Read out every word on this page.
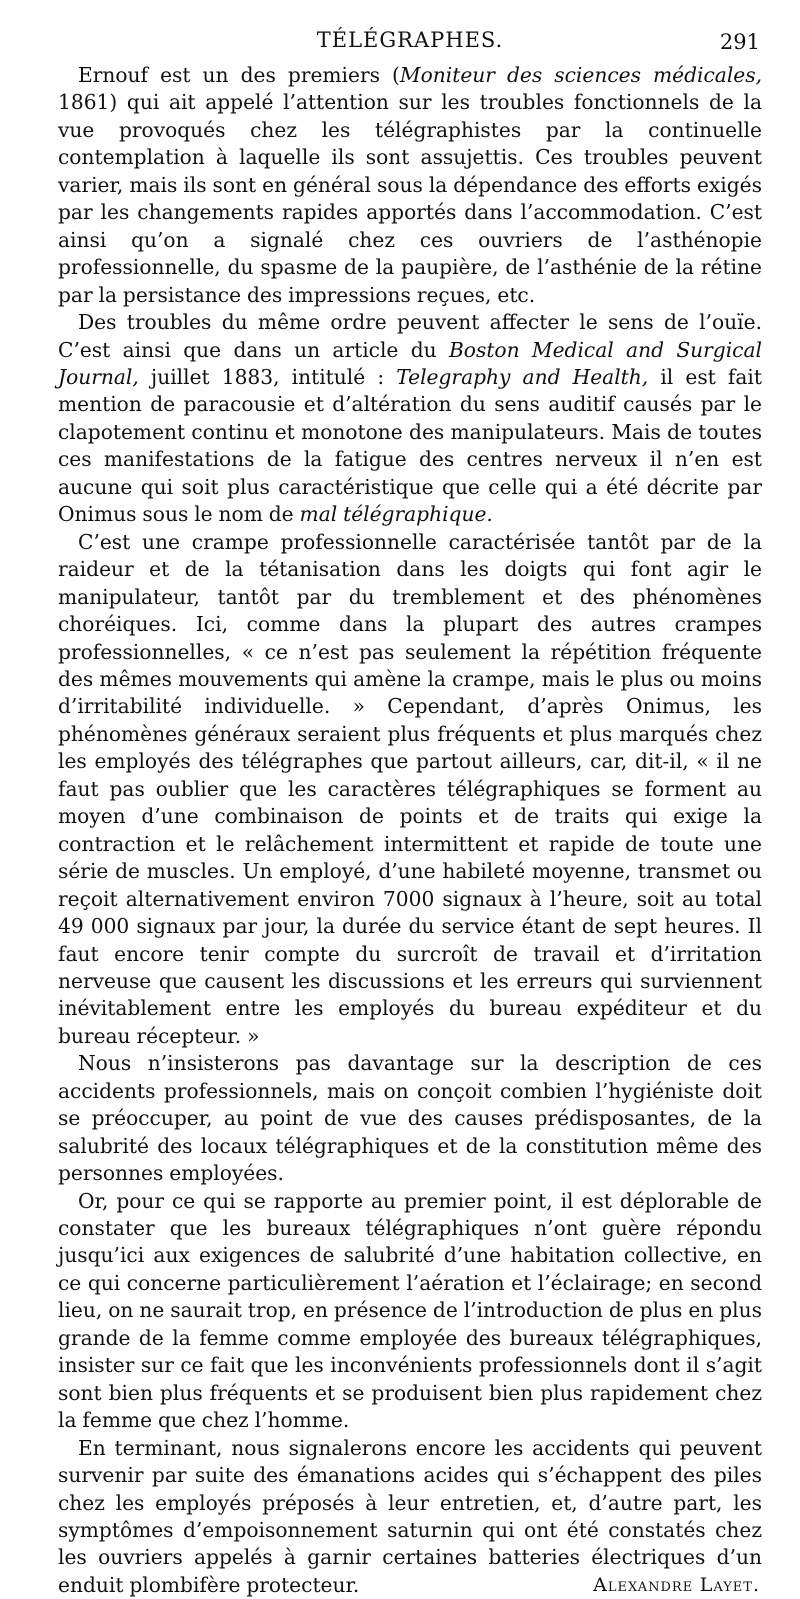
TÉLÉGRAPHES.	291

Ernouf est un des premiers (Moniteur des sciences médicales, 1861) qui ait appelé l’attention sur les troubles fonctionnels de la vue provoqués chez les télégraphistes par la continuelle contemplation à laquelle ils sont assujettis. Ces troubles peuvent varier, mais ils sont en général sous la dépendance des efforts exigés par les changements rapides apportés dans l’accommodation. C’est ainsi qu’on a signalé chez ces ouvriers de l’asthénopie professionnelle, du spasme de la paupière, de l’asthénie de la rétine par la persistance des impressions reçues, etc.

Des troubles du même ordre peuvent affecter le sens de l’ouïe. C’est ainsi que dans un article du Boston Medical and Surgical Journal, juillet 1883, intitulé : Telegraphy and Health, il est fait mention de paracousie et d’altération du sens auditif causés par le clapotement continu et monotone des manipulateurs. Mais de toutes ces manifestations de la fatigue des centres nerveux il n’en est aucune qui soit plus caractéristique que celle qui a été décrite par Onimus sous le nom de mal télégraphique.

C’est une crampe professionnelle caractérisée tantôt par de la raideur et de la tétanisation dans les doigts qui font agir le manipulateur, tantôt par du tremblement et des phénomènes choréiques. Ici, comme dans la plupart des autres crampes professionnelles, « ce n’est pas seulement la répétition fréquente des mêmes mouvements qui amène la crampe, mais le plus ou moins d’irritabilité individuelle. » Cependant, d’après Onimus, les phénomènes généraux seraient plus fréquents et plus marqués chez les employés des télégraphes que partout ailleurs, car, dit-il, « il ne faut pas oublier que les caractères télégraphiques se forment au moyen d’une combinaison de points et de traits qui exige la contraction et le relâchement intermittent et rapide de toute une série de muscles. Un employé, d’une habileté moyenne, transmet ou reçoit alternativement environ 7000 signaux à l’heure, soit au total 49 000 signaux par jour, la durée du service étant de sept heures. Il faut encore tenir compte du surcroît de travail et d’irritation nerveuse que causent les discussions et les erreurs qui surviennent inévitablement entre les employés du bureau expéditeur et du bureau récepteur. »

Nous n’insisterons pas davantage sur la description de ces accidents professionnels, mais on conçoit combien l’hygiéniste doit se préoccuper, au point de vue des causes prédisposantes, de la salubrité des locaux télégraphiques et de la constitution même des personnes employées.

Or, pour ce qui se rapporte au premier point, il est déplorable de constater que les bureaux télégraphiques n’ont guère répondu jusqu’ici aux exigences de salubrité d’une habitation collective, en ce qui concerne particulièrement l’aération et l’éclairage; en second lieu, on ne saurait trop, en présence de l’introduction de plus en plus grande de la femme comme employée des bureaux télégraphiques, insister sur ce fait que les inconvénients professionnels dont il s’agit sont bien plus fréquents et se produisent bien plus rapidement chez la femme que chez l’homme.

En terminant, nous signalerons encore les accidents qui peuvent survenir par suite des émanations acides qui s’échappent des piles chez les employés préposés à leur entretien, et, d’autre part, les symptômes d’empoisonnement saturnin qui ont été constatés chez les ouvriers appelés à garnir certaines batteries électriques d’un enduit plombifère protecteur.	Alexandre Layet.
